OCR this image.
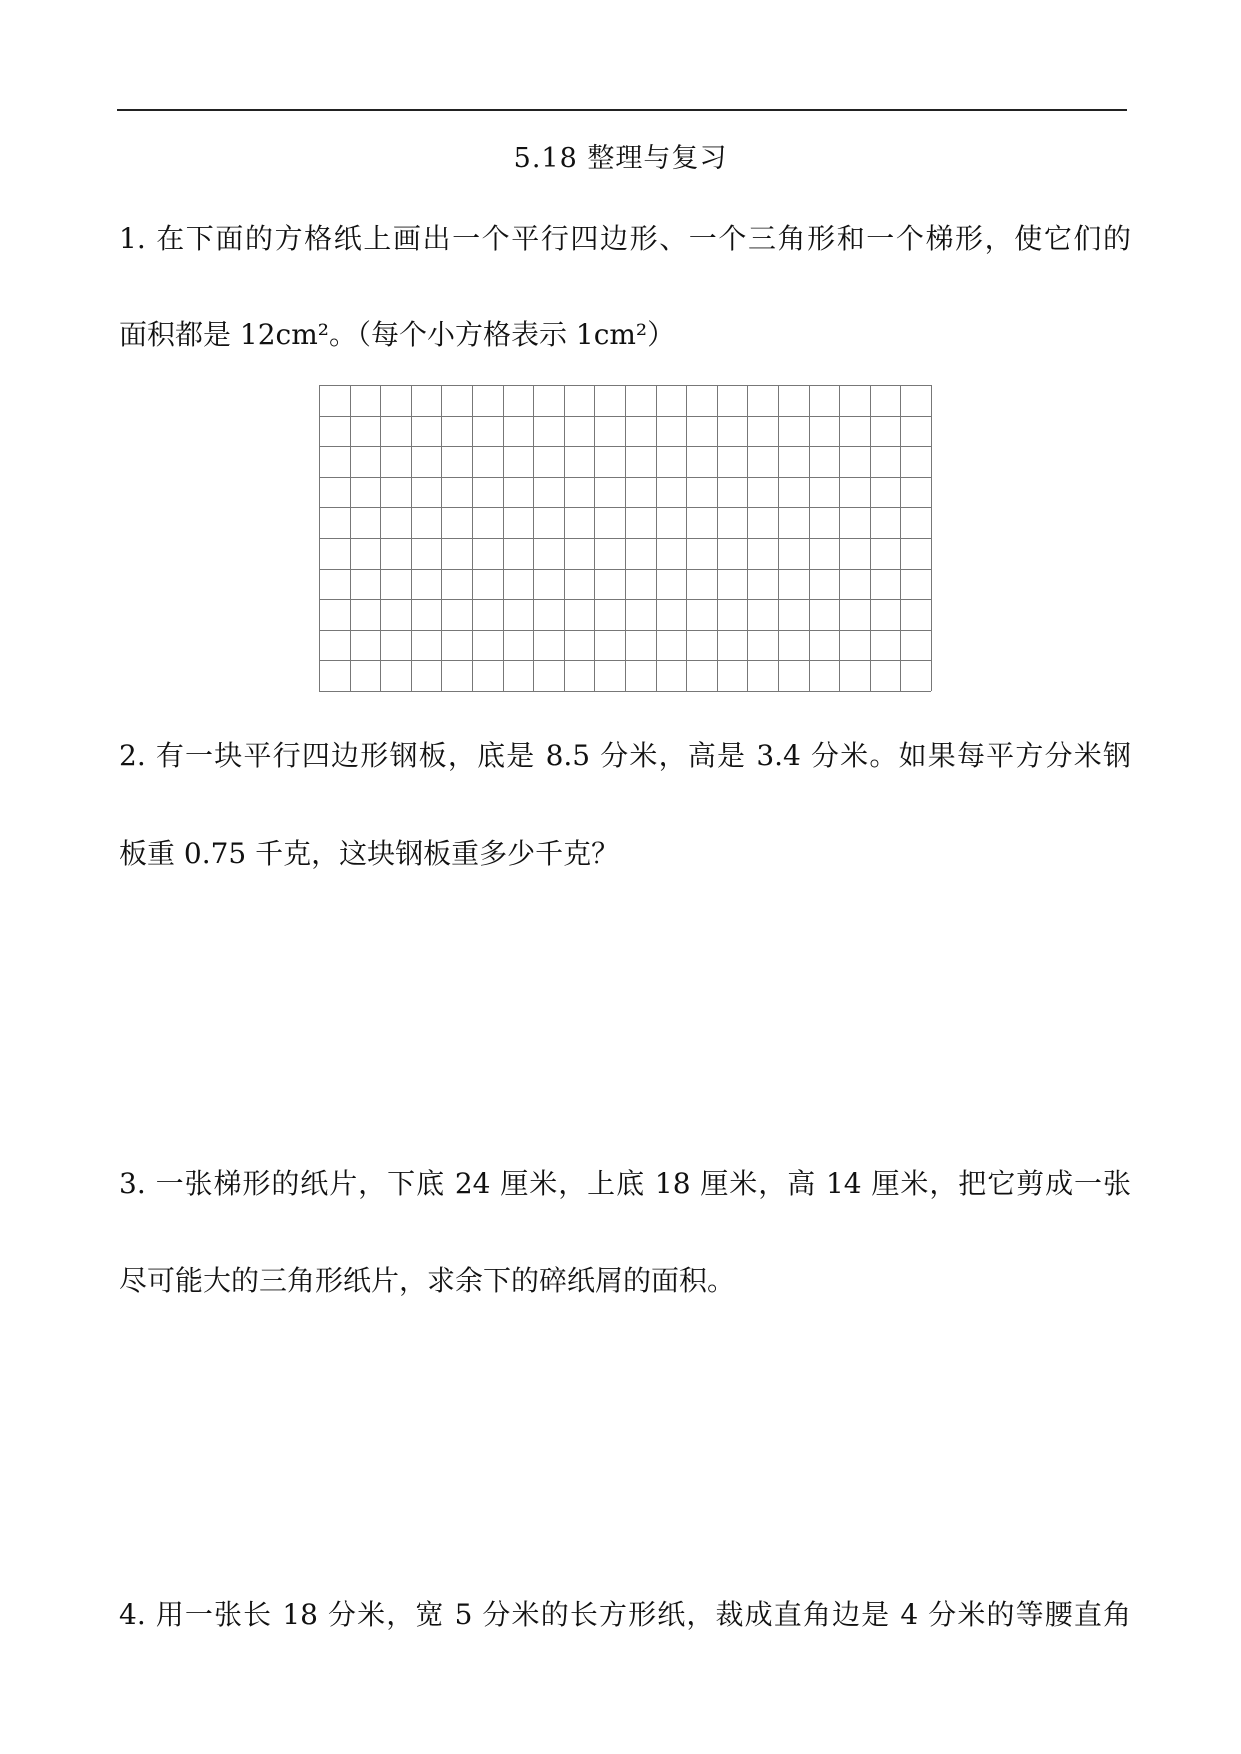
5.18 整理与复习
1. 在下面的方格纸上画出一个平行四边形、一个三角形和一个梯形，使它们的
面积都是 12cm²。（每个小方格表示 1cm²）
2. 有一块平行四边形钢板，底是 8.5 分米，高是 3.4 分米。如果每平方分米钢
板重 0.75 千克，这块钢板重多少千克？
3. 一张梯形的纸片，下底 24 厘米，上底 18 厘米，高 14 厘米，把它剪成一张
尽可能大的三角形纸片，求余下的碎纸屑的面积。
4. 用一张长 18 分米，宽 5 分米的长方形纸，裁成直角边是 4 分米的等腰直角
